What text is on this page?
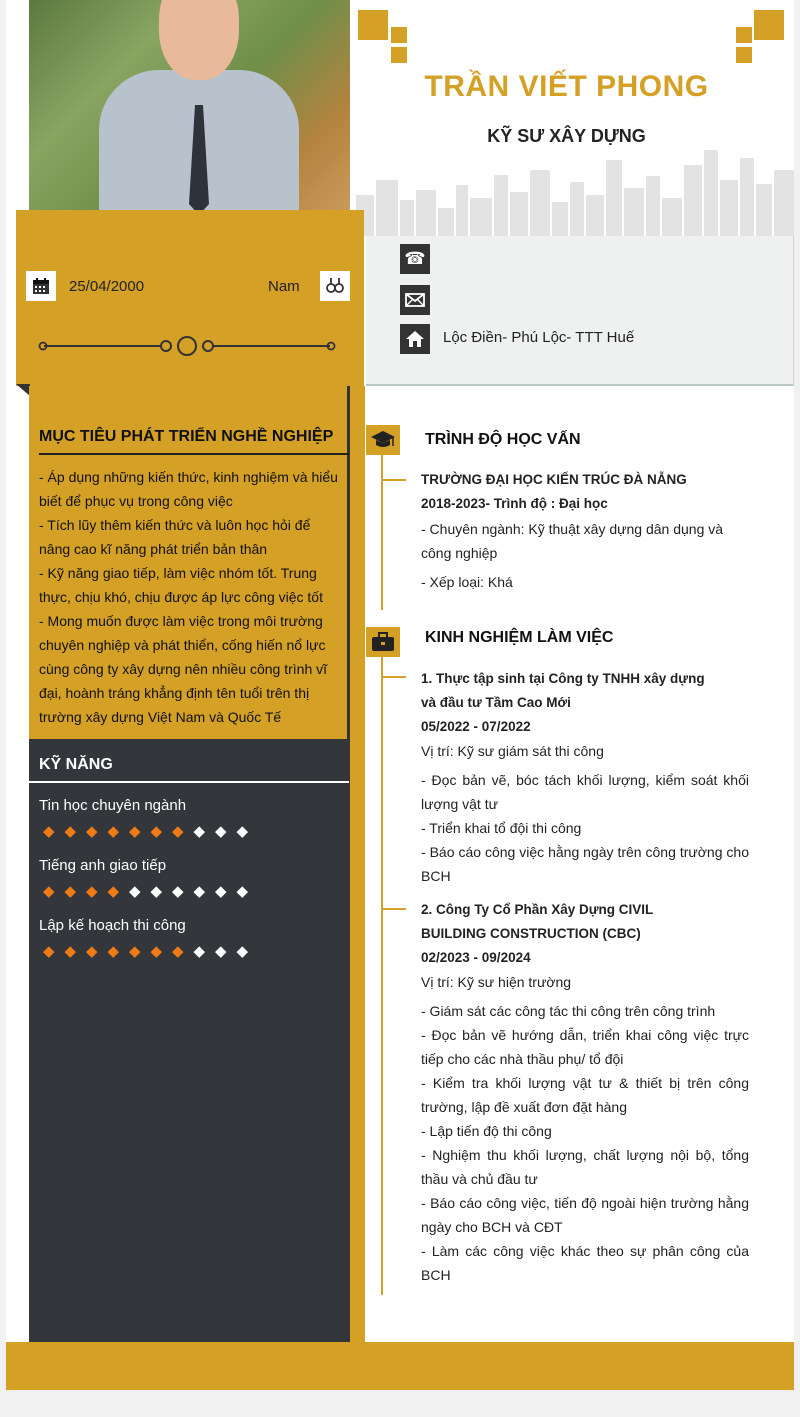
TRẦN VIẾT PHONG
KỸ SƯ XÂY DỰNG
25/04/2000	Nam
☎
Lộc Điền- Phú Lộc- TTT Huế
MỤC TIÊU PHÁT TRIỂN NGHỀ NGHIỆP
- Áp dụng những kiến thức, kinh nghiệm và hiểu
biết để phục vụ trong công việc
- Tích lũy thêm kiến thức và luôn học hỏi để
nâng cao kĩ năng phát triển bản thân
- Kỹ năng giao tiếp, làm việc nhóm tốt. Trung
thực, chịu khó, chịu được áp lực công việc tốt
- Mong muốn được làm việc trong môi trường
chuyên nghiệp và phát thiển, cống hiến nổ lực
cùng công ty xây dựng nên nhiều công trình vĩ
đại, hoành tráng khẳng định tên tuổi trên thị
trường xây dựng Việt Nam và Quốc Tế
KỸ NĂNG
Tin học chuyên ngành
◆ ◆ ◆ ◆ ◆ ◆ ◆ ◆ ◆ ◆
Tiếng anh giao tiếp
◆ ◆ ◆ ◆ ◆ ◆ ◆ ◆ ◆ ◆
Lập kế hoạch thi công
◆ ◆ ◆ ◆ ◆ ◆ ◆ ◆ ◆ ◆
TRÌNH ĐỘ HỌC VẤN
TRƯỜNG ĐẠI HỌC KIẾN TRÚC ĐÀ NẴNG
2018-2023- Trình độ : Đại học
- Chuyên ngành: Kỹ thuật xây dựng dân dụng và
công nghiệp
- Xếp loại: Khá
KINH NGHIỆM LÀM VIỆC
1. Thực tập sinh tại Công ty TNHH xây dựng
và đầu tư Tầm Cao Mới
05/2022 - 07/2022
Vị trí: Kỹ sư giám sát thi công
- Đọc bản vẽ, bóc tách khối lượng, kiểm soát khối lượng vật tư
- Triển khai tổ đội thi công
- Báo cáo công việc hằng ngày trên công trường cho BCH
2. Công Ty Cổ Phần Xây Dựng CIVIL
BUILDING CONSTRUCTION (CBC)
02/2023 - 09/2024
Vị trí: Kỹ sư hiện trường
- Giám sát các công tác thi công trên công trình
- Đọc bản vẽ hướng dẫn, triển khai công việc trực tiếp cho các nhà thầu phụ/ tổ đội
- Kiểm tra khối lượng vật tư & thiết bị trên công trường, lập đề xuất đơn đặt hàng
- Lập tiến độ thi công
- Nghiệm thu khối lượng, chất lượng nội bộ, tổng thầu và chủ đầu tư
- Báo cáo công việc, tiến độ ngoài hiện trường hằng ngày cho BCH và CĐT
- Làm các công việc khác theo sự phân công của BCH
